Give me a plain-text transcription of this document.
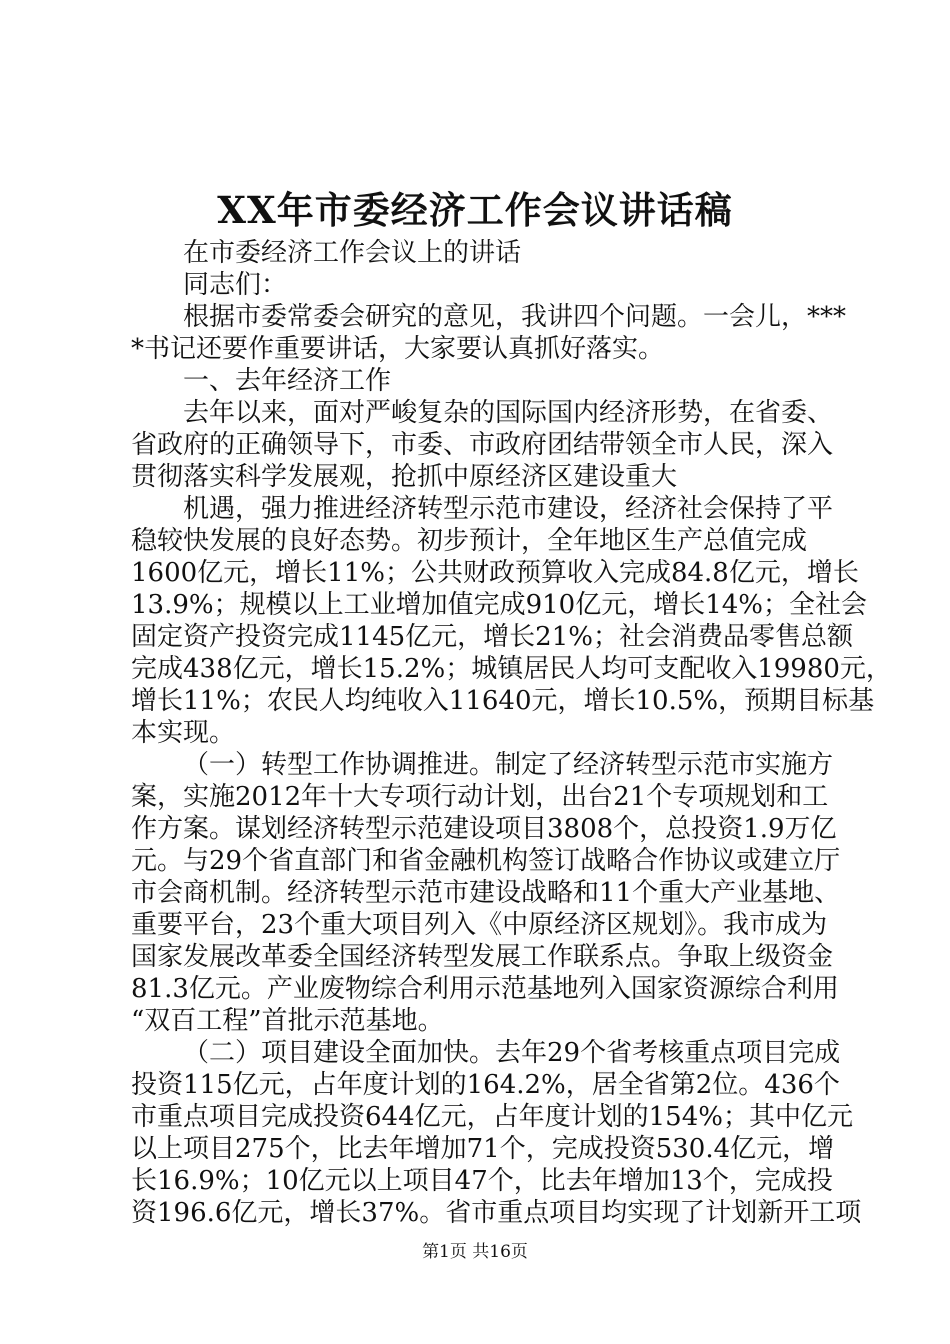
XX年市委经济工作会议讲话稿

在市委经济工作会议上的讲话

同志们：

根据市委常委会研究的意见，我讲四个问题。一会儿，***
*书记还要作重要讲话，大家要认真抓好落实。

一、去年经济工作

去年以来，面对严峻复杂的国际国内经济形势，在省委、
省政府的正确领导下，市委、市政府团结带领全市人民，深入
贯彻落实科学发展观，抢抓中原经济区建设重大

机遇，强力推进经济转型示范市建设，经济社会保持了平
稳较快发展的良好态势。初步预计，全年地区生产总值完成
1600亿元，增长11%；公共财政预算收入完成84.8亿元，增长
13.9%；规模以上工业增加值完成910亿元，增长14%；全社会
固定资产投资完成1145亿元，增长21%；社会消费品零售总额
完成438亿元，增长15.2%；城镇居民人均可支配收入19980元，
增长11%；农民人均纯收入11640元，增长10.5%，预期目标基
本实现。

（一）转型工作协调推进。制定了经济转型示范市实施方
案，实施2012年十大专项行动计划，出台21个专项规划和工
作方案。谋划经济转型示范建设项目3808个，总投资1.9万亿
元。与29个省直部门和省金融机构签订战略合作协议或建立厅
市会商机制。经济转型示范市建设战略和11个重大产业基地、
重要平台，23个重大项目列入《中原经济区规划》。我市成为
国家发展改革委全国经济转型发展工作联系点。争取上级资金
81.3亿元。产业废物综合利用示范基地列入国家资源综合利用
“双百工程”首批示范基地。

（二）项目建设全面加快。去年29个省考核重点项目完成
投资115亿元，占年度计划的164.2%，居全省第2位。436个
市重点项目完成投资644亿元，占年度计划的154%；其中亿元
以上项目275个，比去年增加71个，完成投资530.4亿元，增
长16.9%；10亿元以上项目47个，比去年增加13个，完成投
资196.6亿元，增长37%。省市重点项目均实现了计划新开工项

第1页 共16页
